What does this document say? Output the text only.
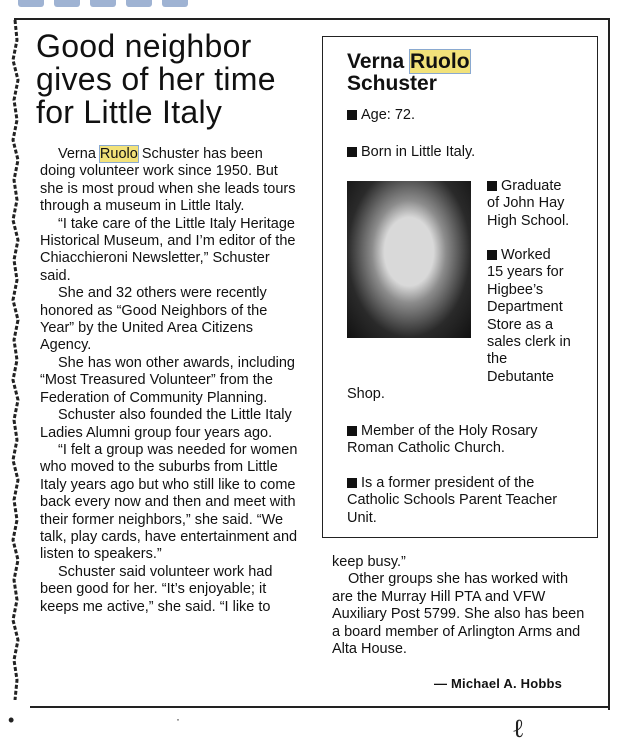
Good neighbor
gives of her time
for Little Italy

Verna Ruolo Schuster has been doing volunteer work since 1950. But she is most proud when she leads tours through a museum in Little Italy.

“I take care of the Little Italy Heritage Historical Museum, and I’m editor of the Chiacchieroni Newsletter,” Schuster said.

She and 32 others were recently honored as “Good Neighbors of the Year” by the United Area Citizens Agency.

She has won other awards, including “Most Treasured Volunteer” from the Federation of Community Planning.

Schuster also founded the Little Italy Ladies Alumni group four years ago.

“I felt a group was needed for women who moved to the suburbs from Little Italy years ago but who still like to come back every now and then and meet with their former neighbors,” she said. “We talk, play cards, have entertainment and listen to speakers.”

Schuster said volunteer work had been good for her. “It’s enjoyable; it keeps me active,” she said. “I like to

Verna Ruolo
Schuster
Age: 72.
Born in Little Italy.
Graduate
of John Hay
High School.
Worked
15 years for
Higbee’s
Department
Store as a
sales clerk in
the
Debutante
Shop.
Member of the Holy Rosary
Roman Catholic Church.
Is a former president of the
Catholic Schools Parent Teacher
Unit.

keep busy.”

Other groups she has worked with are the Murray Hill PTA and VFW Auxiliary Post 5799. She also has been a board member of Arlington Arms and Alta House.

— Michael A. Hobbs
•	·	ℓ
